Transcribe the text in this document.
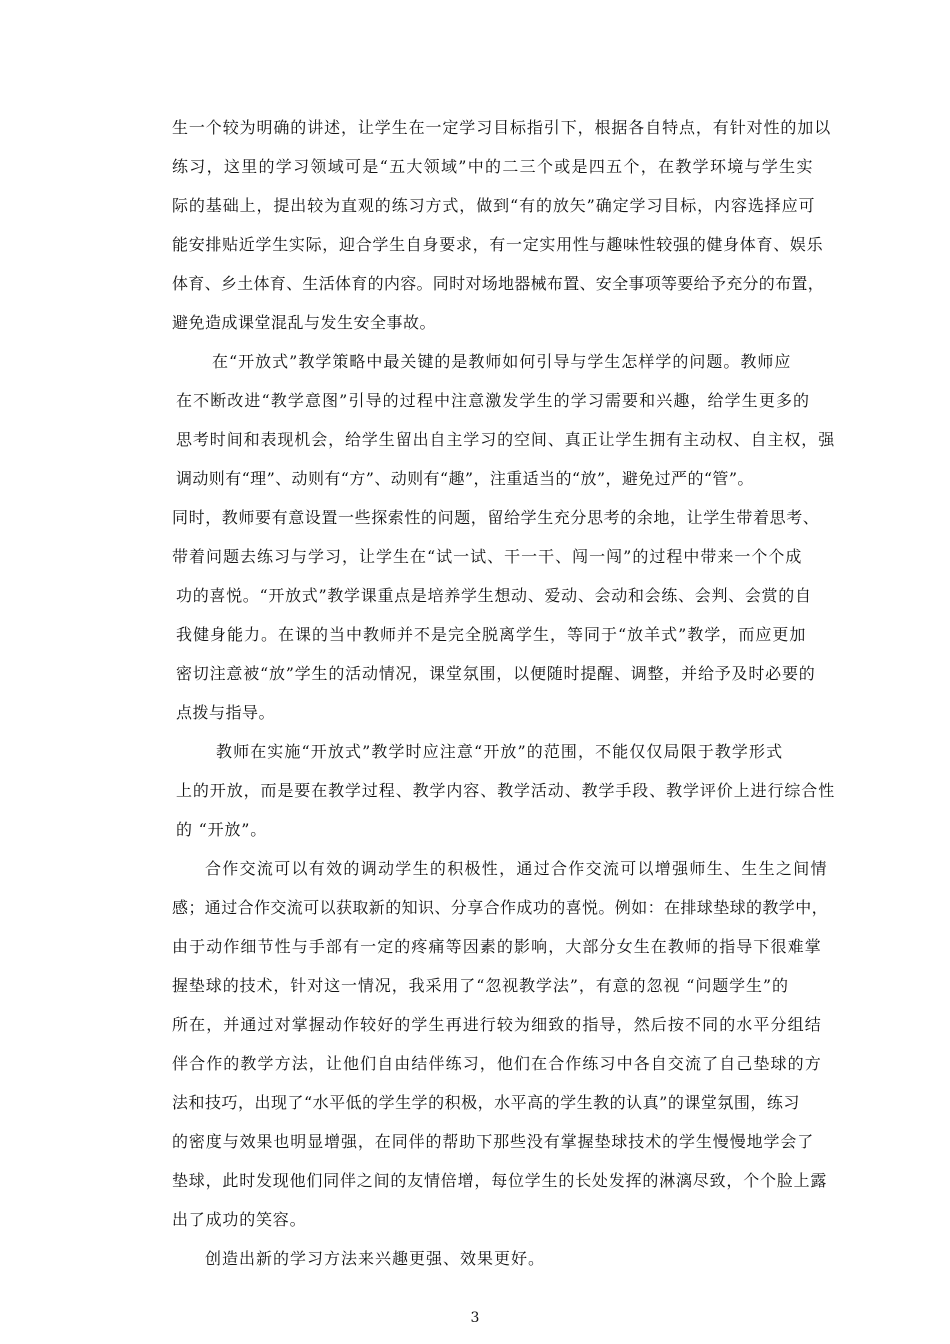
生一个较为明确的讲述，让学生在一定学习目标指引下，根据各自特点，有针对性的加以

练习，这里的学习领域可是“五大领域”中的二三个或是四五个，在教学环境与学生实

际的基础上，提出较为直观的练习方式，做到“有的放矢”确定学习目标，内容选择应可

能安排贴近学生实际，迎合学生自身要求，有一定实用性与趣味性较强的健身体育、娱乐

体育、乡土体育、生活体育的内容。同时对场地器械布置、安全事项等要给予充分的布置，

避免造成课堂混乱与发生安全事故。

在“开放式”教学策略中最关键的是教师如何引导与学生怎样学的问题。教师应

在不断改进“教学意图”引导的过程中注意激发学生的学习需要和兴趣，给学生更多的

思考时间和表现机会，给学生留出自主学习的空间、真正让学生拥有主动权、自主权，强

调动则有“理”、动则有“方”、动则有“趣”，注重适当的“放”，避免过严的“管”。

同时，教师要有意设置一些探索性的问题，留给学生充分思考的余地，让学生带着思考、

带着问题去练习与学习，让学生在“试一试、干一干、闯一闯”的过程中带来一个个成

功的喜悦。“开放式”教学课重点是培养学生想动、爱动、会动和会练、会判、会赏的自

我健身能力。在课的当中教师并不是完全脱离学生，等同于“放羊式”教学，而应更加

密切注意被“放”学生的活动情况，课堂氛围，以便随时提醒、调整，并给予及时必要的

点拨与指导。

教师在实施“开放式”教学时应注意“开放”的范围，不能仅仅局限于教学形式

上的开放，而是要在教学过程、教学内容、教学活动、教学手段、教学评价上进行综合性

的 “开放”。

合作交流可以有效的调动学生的积极性，通过合作交流可以增强师生、生生之间情

感；通过合作交流可以获取新的知识、分享合作成功的喜悦。例如：在排球垫球的教学中，

由于动作细节性与手部有一定的疼痛等因素的影响，大部分女生在教师的指导下很难掌

握垫球的技术，针对这一情况，我采用了“忽视教学法”，有意的忽视 “问题学生”的

所在，并通过对掌握动作较好的学生再进行较为细致的指导，然后按不同的水平分组结

伴合作的教学方法，让他们自由结伴练习，他们在合作练习中各自交流了自己垫球的方

法和技巧，出现了“水平低的学生学的积极，水平高的学生教的认真”的课堂氛围，练习

的密度与效果也明显增强，在同伴的帮助下那些没有掌握垫球技术的学生慢慢地学会了

垫球，此时发现他们同伴之间的友情倍增，每位学生的长处发挥的淋漓尽致，个个脸上露

出了成功的笑容。

创造出新的学习方法来兴趣更强、效果更好。

3
